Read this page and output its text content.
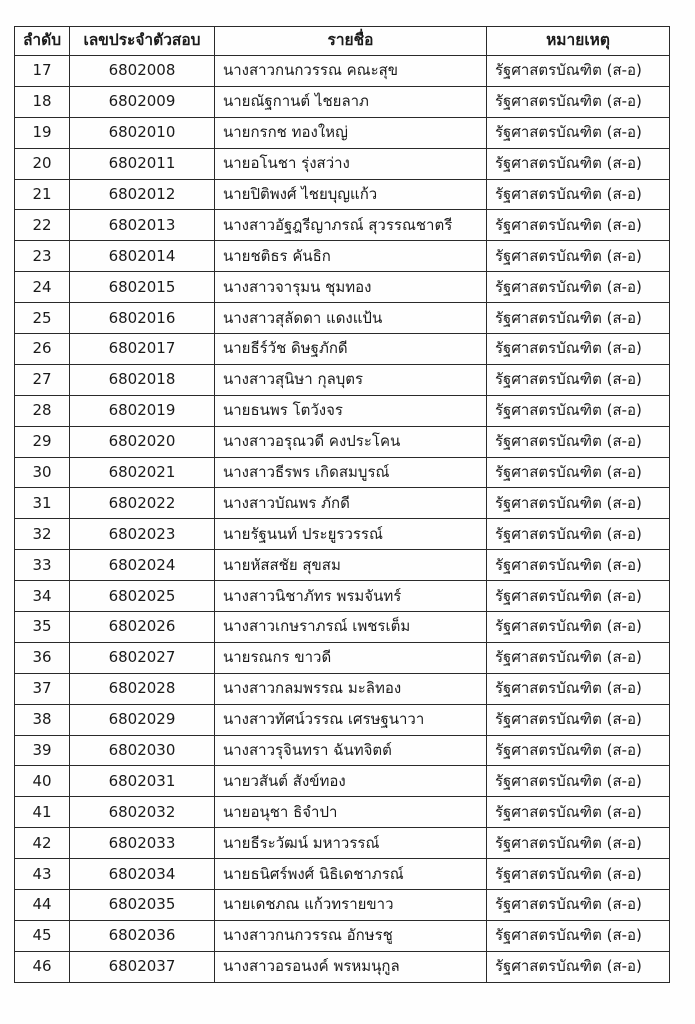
ลำดับ	เลขประจำตัวสอบ	รายชื่อ	หมายเหตุ
17	6802008	นางสาวกนกวรรณ คณะสุข	รัฐศาสตรบัณฑิต (ส-อ)
18	6802009	นายณัฐกานต์ ไชยลาภ	รัฐศาสตรบัณฑิต (ส-อ)
19	6802010	นายกรกช ทองใหญ่	รัฐศาสตรบัณฑิต (ส-อ)
20	6802011	นายอโนชา รุ่งสว่าง	รัฐศาสตรบัณฑิต (ส-อ)
21	6802012	นายปิติพงศ์ ไชยบุญแก้ว	รัฐศาสตรบัณฑิต (ส-อ)
22	6802013	นางสาวอัฐฎรีญาภรณ์ สุวรรณชาตรี	รัฐศาสตรบัณฑิต (ส-อ)
23	6802014	นายชติธร คันธิก	รัฐศาสตรบัณฑิต (ส-อ)
24	6802015	นางสาวจารุมน ชุมทอง	รัฐศาสตรบัณฑิต (ส-อ)
25	6802016	นางสาวสุลัดดา แดงแป้น	รัฐศาสตรบัณฑิต (ส-อ)
26	6802017	นายธีร์วัช ดิษฐภักดี	รัฐศาสตรบัณฑิต (ส-อ)
27	6802018	นางสาวสุนิษา กุลบุตร	รัฐศาสตรบัณฑิต (ส-อ)
28	6802019	นายธนพร โตวังจร	รัฐศาสตรบัณฑิต (ส-อ)
29	6802020	นางสาวอรุณวดี คงประโคน	รัฐศาสตรบัณฑิต (ส-อ)
30	6802021	นางสาวธีรพร เกิดสมบูรณ์	รัฐศาสตรบัณฑิต (ส-อ)
31	6802022	นางสาวบัณพร ภักดี	รัฐศาสตรบัณฑิต (ส-อ)
32	6802023	นายรัฐนนท์ ประยูรวรรณ์	รัฐศาสตรบัณฑิต (ส-อ)
33	6802024	นายหัสสชัย สุขสม	รัฐศาสตรบัณฑิต (ส-อ)
34	6802025	นางสาวนิชาภัทร พรมจันทร์	รัฐศาสตรบัณฑิต (ส-อ)
35	6802026	นางสาวเกษราภรณ์ เพชรเต็ม	รัฐศาสตรบัณฑิต (ส-อ)
36	6802027	นายรณกร ขาวดี	รัฐศาสตรบัณฑิต (ส-อ)
37	6802028	นางสาวกลมพรรณ มะลิทอง	รัฐศาสตรบัณฑิต (ส-อ)
38	6802029	นางสาวทัศน์วรรณ เศรษฐนาวา	รัฐศาสตรบัณฑิต (ส-อ)
39	6802030	นางสาวรุจินทรา ฉันทจิตต์	รัฐศาสตรบัณฑิต (ส-อ)
40	6802031	นายวสันต์ สังข์ทอง	รัฐศาสตรบัณฑิต (ส-อ)
41	6802032	นายอนุชา ธิจำปา	รัฐศาสตรบัณฑิต (ส-อ)
42	6802033	นายธีระวัฒน์ มหาวรรณ์	รัฐศาสตรบัณฑิต (ส-อ)
43	6802034	นายธนิศร์พงศ์ นิธิเดชาภรณ์	รัฐศาสตรบัณฑิต (ส-อ)
44	6802035	นายเดชภณ แก้วทรายขาว	รัฐศาสตรบัณฑิต (ส-อ)
45	6802036	นางสาวกนกวรรณ อักษรชู	รัฐศาสตรบัณฑิต (ส-อ)
46	6802037	นางสาวอรอนงค์ พรหมนุกูล	รัฐศาสตรบัณฑิต (ส-อ)
